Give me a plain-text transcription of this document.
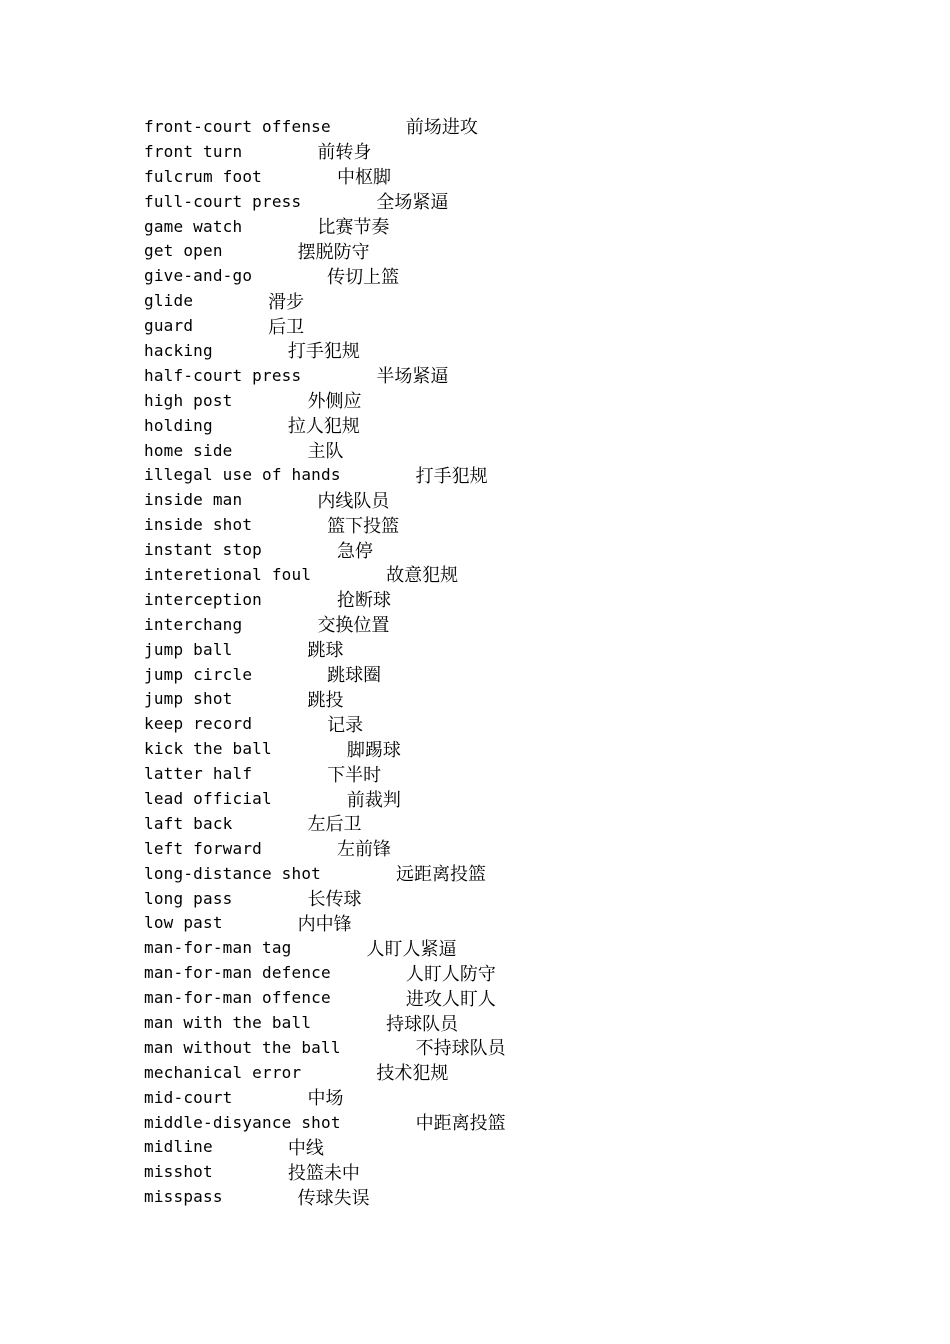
front-court offense	前场进攻
front turn	前转身
fulcrum foot	中枢脚
full-court press	全场紧逼
game watch	比赛节奏
get open	摆脱防守
give-and-go	传切上篮
glide	滑步
guard	后卫
hacking	打手犯规
half-court press	半场紧逼
high post	外侧应
holding	拉人犯规
home side	主队
illegal use of hands	打手犯规
inside man	内线队员
inside shot	篮下投篮
instant stop	急停
interetional foul	故意犯规
interception	抢断球
interchang	交换位置
jump ball	跳球
jump circle	跳球圈
jump shot	跳投
keep record	记录
kick the ball	脚踢球
latter half	下半时
lead official	前裁判
laft back	左后卫
left forward	左前锋
long-distance shot	远距离投篮
long pass	长传球
low past	内中锋
man-for-man tag	人盯人紧逼
man-for-man defence	人盯人防守
man-for-man offence	进攻人盯人
man with the ball	持球队员
man without the ball	不持球队员
mechanical error	技术犯规
mid-court	中场
middle-disyance shot	中距离投篮
midline	中线
misshot	投篮未中
misspass	传球失误
